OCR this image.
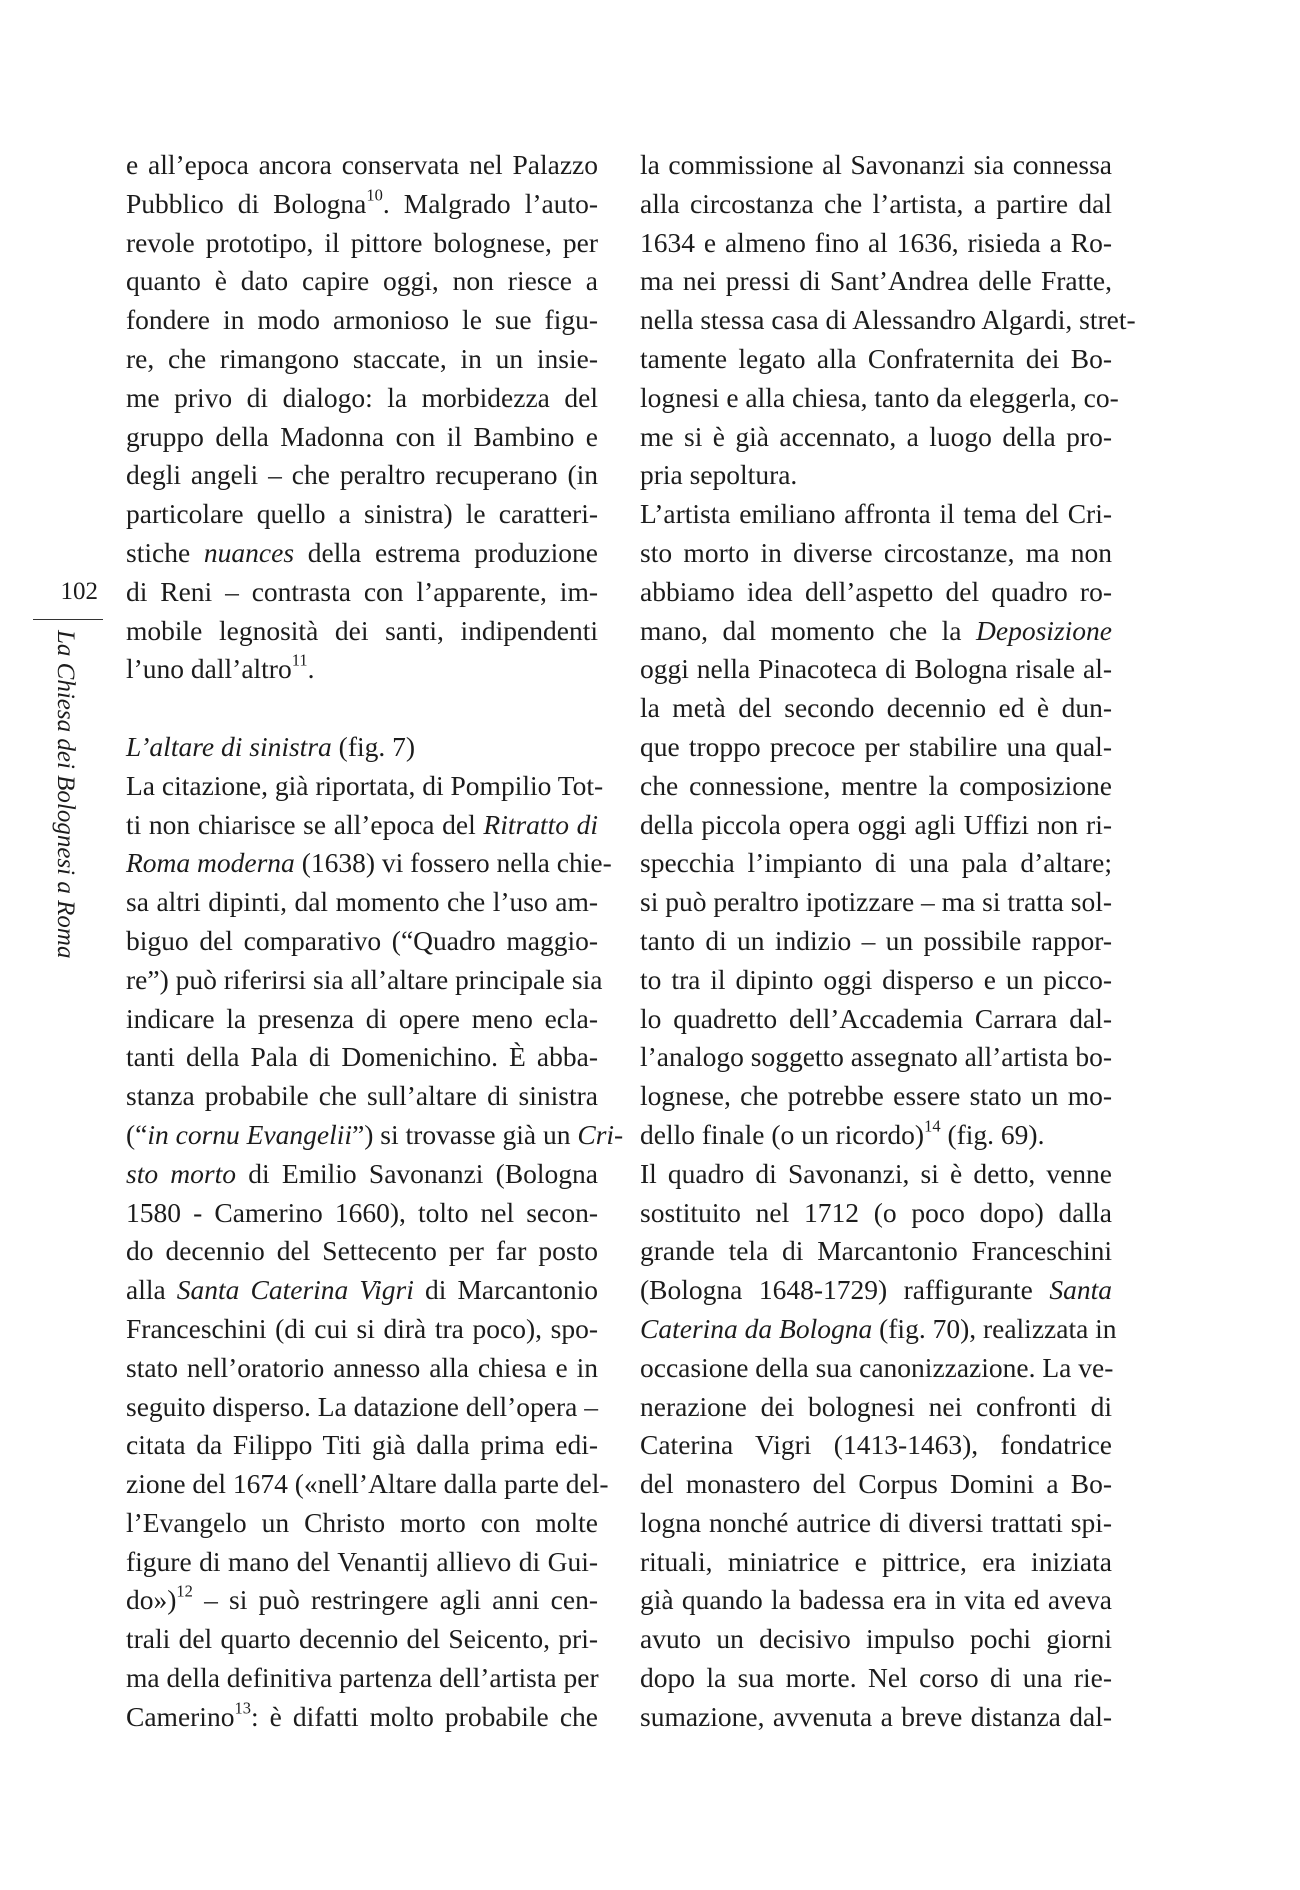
102
La Chiesa dei Bolognesi a Roma
e all’epoca ancora conservata nel Palazzo
Pubblico di Bologna$^{10}$. Malgrado l’auto-
revole prototipo, il pittore bolognese, per
quanto è dato capire oggi, non riesce a
fondere in modo armonioso le sue figu-
re, che rimangono staccate, in un insie-
me privo di dialogo: la morbidezza del
gruppo della Madonna con il Bambino e
degli angeli – che peraltro recuperano (in
particolare quello a sinistra) le caratteri-
stiche nuances della estrema produzione
di Reni – contrasta con l’apparente, im-
mobile legnosità dei santi, indipendenti
l’uno dall’altro$^{11}$.
L’altare di sinistra (fig. 7)
La citazione, già riportata, di Pompilio Tot-
ti non chiarisce se all’epoca del Ritratto di
Roma moderna (1638) vi fossero nella chie-
sa altri dipinti, dal momento che l’uso am-
biguo del comparativo (“Quadro maggio-
re”) può riferirsi sia all’altare principale sia
indicare la presenza di opere meno ecla-
tanti della Pala di Domenichino. È abba-
stanza probabile che sull’altare di sinistra
(“in cornu Evangelii”) si trovasse già un Cri-
sto morto di Emilio Savonanzi (Bologna
1580 - Camerino 1660), tolto nel secon-
do decennio del Settecento per far posto
alla Santa Caterina Vigri di Marcantonio
Franceschini (di cui si dirà tra poco), spo-
stato nell’oratorio annesso alla chiesa e in
seguito disperso. La datazione dell’opera –
citata da Filippo Titi già dalla prima edi-
zione del 1674 («nell’Altare dalla parte del-
l’Evangelo un Christo morto con molte
figure di mano del Venantij allievo di Gui-
do»)$^{12}$ – si può restringere agli anni cen-
trali del quarto decennio del Seicento, pri-
ma della definitiva partenza dell’artista per
Camerino$^{13}$: è difatti molto probabile che
la commissione al Savonanzi sia connessa
alla circostanza che l’artista, a partire dal
1634 e almeno fino al 1636, risieda a Ro-
ma nei pressi di Sant’Andrea delle Fratte,
nella stessa casa di Alessandro Algardi, stret-
tamente legato alla Confraternita dei Bo-
lognesi e alla chiesa, tanto da eleggerla, co-
me si è già accennato, a luogo della pro-
pria sepoltura.
L’artista emiliano affronta il tema del Cri-
sto morto in diverse circostanze, ma non
abbiamo idea dell’aspetto del quadro ro-
mano, dal momento che la Deposizione
oggi nella Pinacoteca di Bologna risale al-
la metà del secondo decennio ed è dun-
que troppo precoce per stabilire una qual-
che connessione, mentre la composizione
della piccola opera oggi agli Uffizi non ri-
specchia l’impianto di una pala d’altare;
si può peraltro ipotizzare – ma si tratta sol-
tanto di un indizio – un possibile rappor-
to tra il dipinto oggi disperso e un picco-
lo quadretto dell’Accademia Carrara dal-
l’analogo soggetto assegnato all’artista bo-
lognese, che potrebbe essere stato un mo-
dello finale (o un ricordo)$^{14}$ (fig. 69).
Il quadro di Savonanzi, si è detto, venne
sostituito nel 1712 (o poco dopo) dalla
grande tela di Marcantonio Franceschini
(Bologna 1648-1729) raffigurante Santa
Caterina da Bologna (fig. 70), realizzata in
occasione della sua canonizzazione. La ve-
nerazione dei bolognesi nei confronti di
Caterina Vigri (1413-1463), fondatrice
del monastero del Corpus Domini a Bo-
logna nonché autrice di diversi trattati spi-
rituali, miniatrice e pittrice, era iniziata
già quando la badessa era in vita ed aveva
avuto un decisivo impulso pochi giorni
dopo la sua morte. Nel corso di una rie-
sumazione, avvenuta a breve distanza dal-
